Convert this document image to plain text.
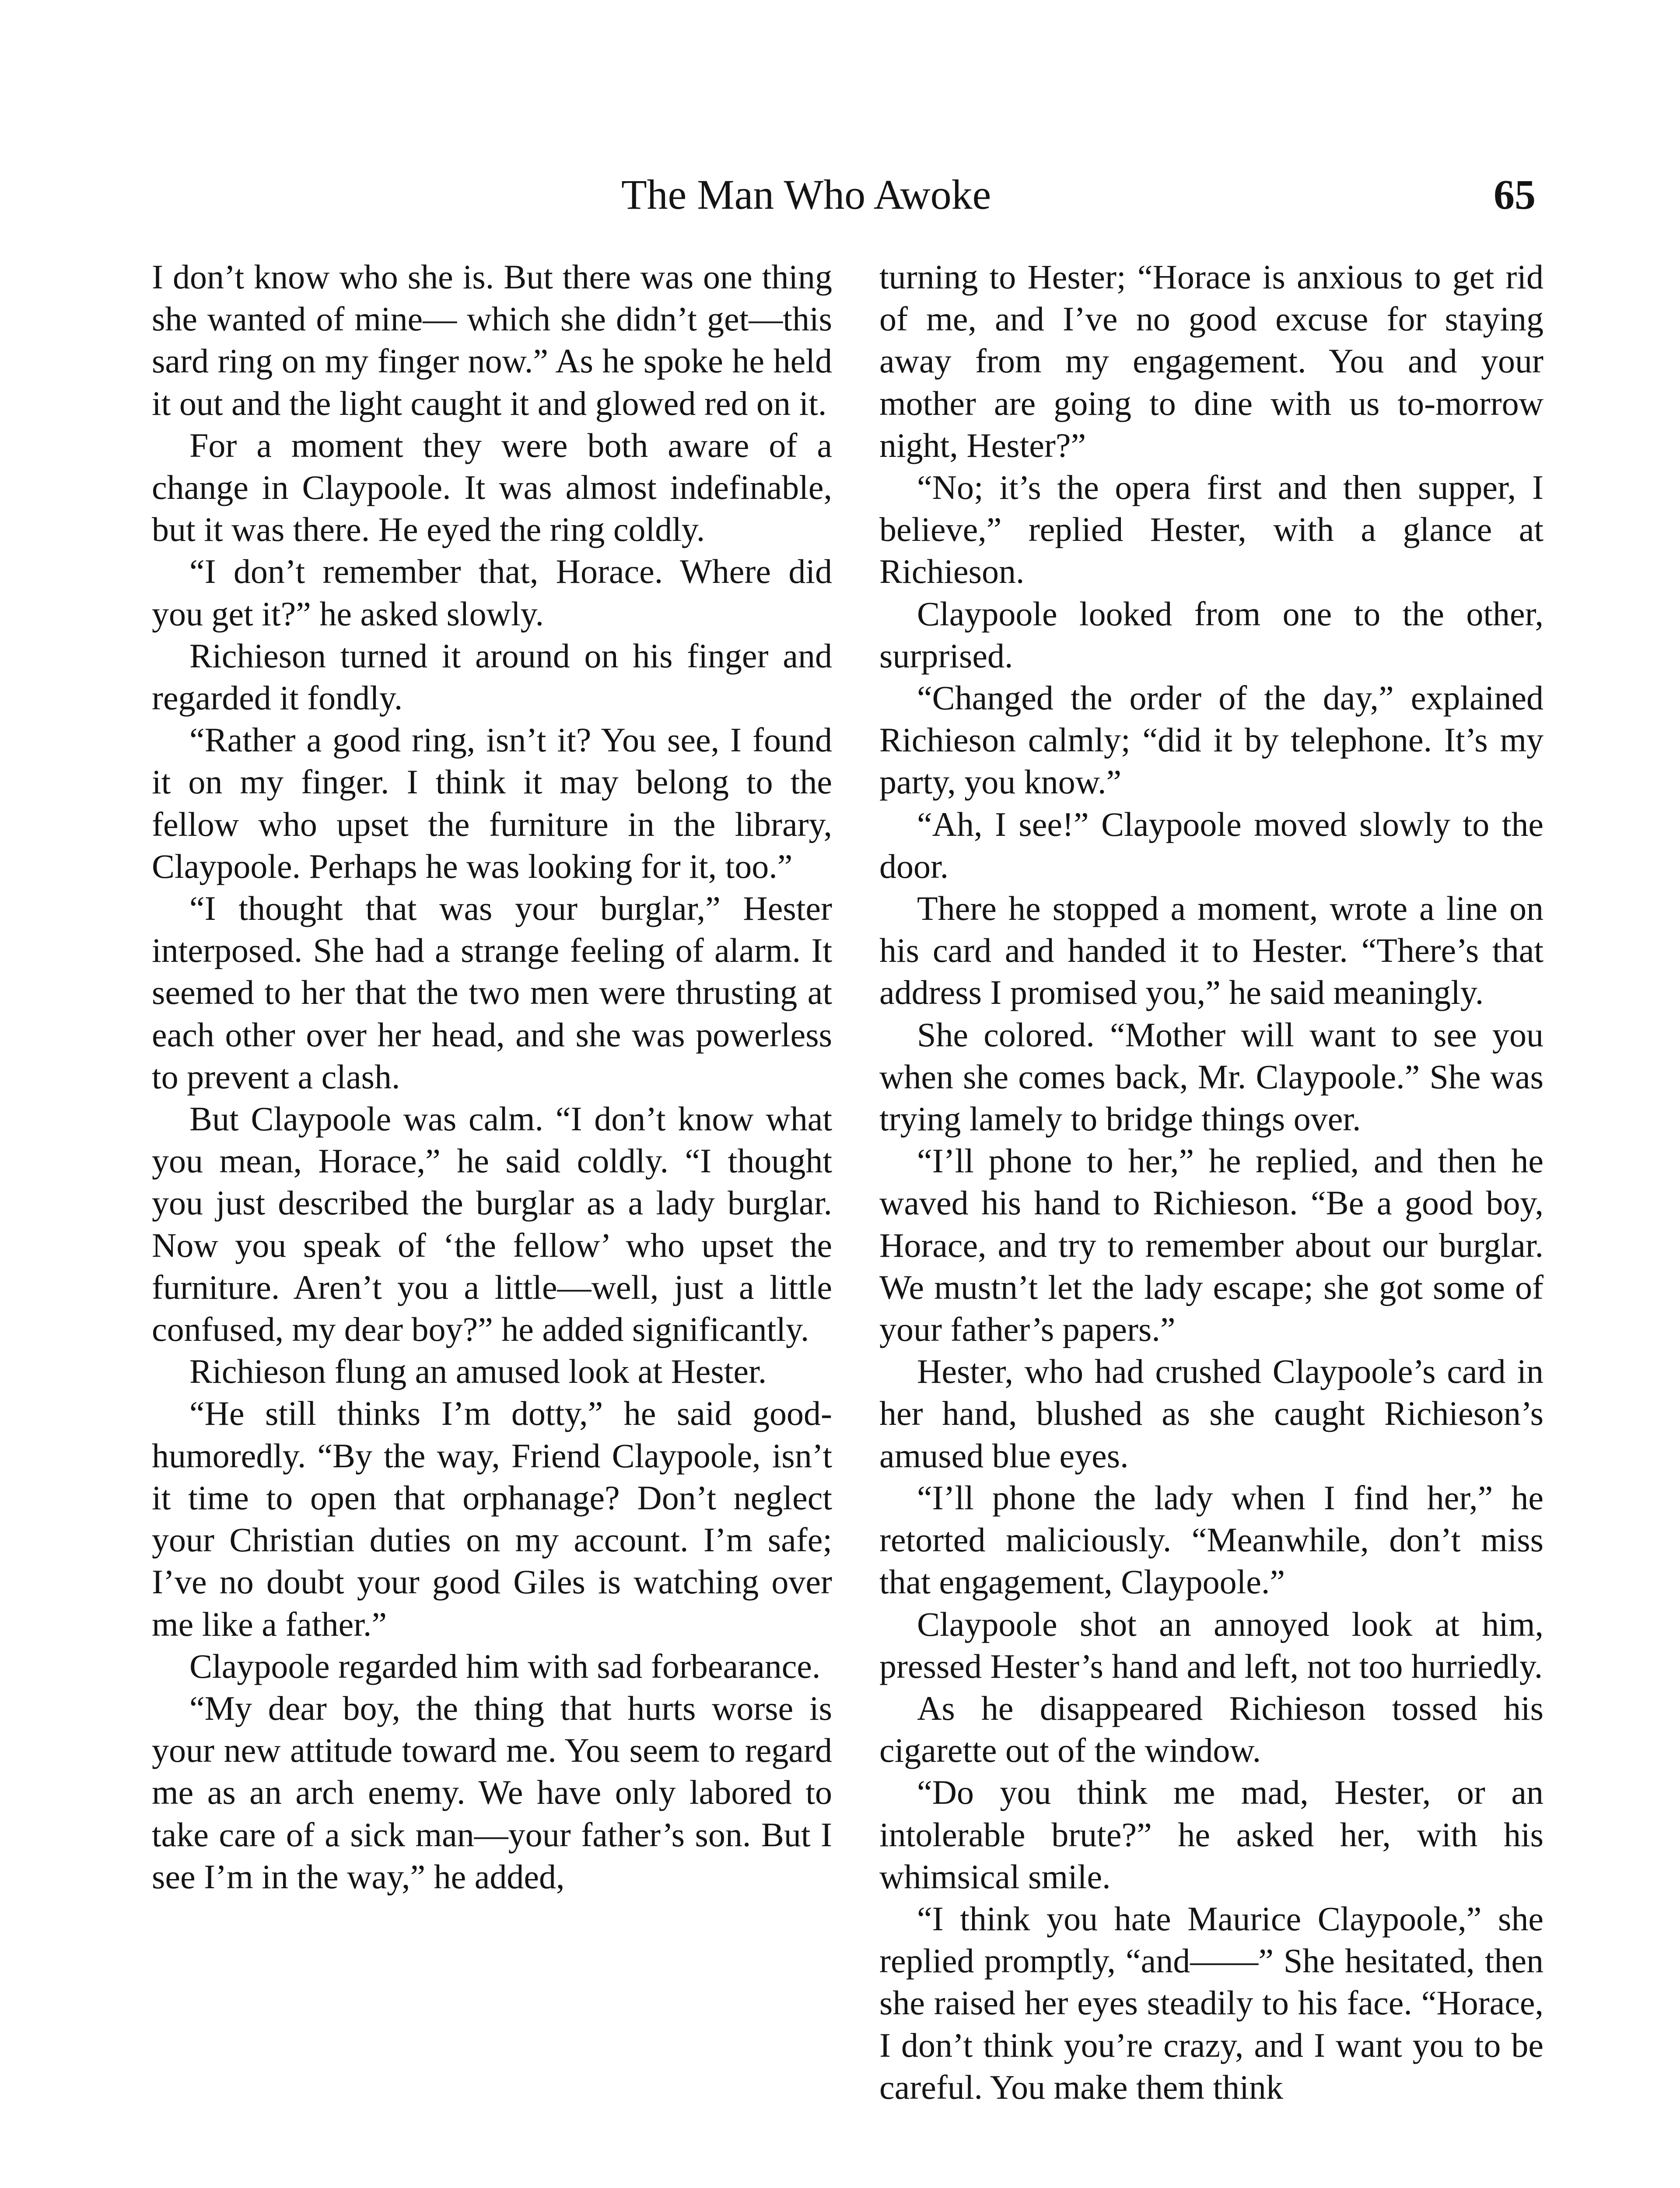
The Man Who Awoke	65

I don’t know who she is. But there was one thing she wanted of mine— which she didn’t get—this sard ring on my finger now.” As he spoke he held it out and the light caught it and glowed red on it.

For a moment they were both aware of a change in Claypoole. It was almost indefinable, but it was there. He eyed the ring coldly.

“I don’t remember that, Horace. Where did you get it?” he asked slowly.

Richieson turned it around on his finger and regarded it fondly.

“Rather a good ring, isn’t it? You see, I found it on my finger. I think it may belong to the fellow who upset the furniture in the library, Claypoole. Perhaps he was looking for it, too.”

“I thought that was your burglar,” Hester interposed. She had a strange feeling of alarm. It seemed to her that the two men were thrusting at each other over her head, and she was powerless to prevent a clash.

But Claypoole was calm. “I don’t know what you mean, Horace,” he said coldly. “I thought you just described the burglar as a lady burglar. Now you speak of ‘the fellow’ who upset the furniture. Aren’t you a little—well, just a little confused, my dear boy?” he added significantly.

Richieson flung an amused look at Hester.

“He still thinks I’m dotty,” he said good-humoredly. “By the way, Friend Claypoole, isn’t it time to open that orphanage? Don’t neglect your Christian duties on my account. I’m safe; I’ve no doubt your good Giles is watching over me like a father.”

Claypoole regarded him with sad forbearance.

“My dear boy, the thing that hurts worse is your new attitude toward me. You seem to regard me as an arch enemy. We have only labored to take care of a sick man—your father’s son. But I see I’m in the way,” he added,

turning to Hester; “Horace is anxious to get rid of me, and I’ve no good excuse for staying away from my engagement. You and your mother are going to dine with us to-morrow night, Hester?”

“No; it’s the opera first and then supper, I believe,” replied Hester, with a glance at Richieson.

Claypoole looked from one to the other, surprised.

“Changed the order of the day,” explained Richieson calmly; “did it by telephone. It’s my party, you know.”

“Ah, I see!” Claypoole moved slowly to the door.

There he stopped a moment, wrote a line on his card and handed it to Hester. “There’s that address I promised you,” he said meaningly.

She colored. “Mother will want to see you when she comes back, Mr. Claypoole.” She was trying lamely to bridge things over.

“I’ll phone to her,” he replied, and then he waved his hand to Richieson. “Be a good boy, Horace, and try to remember about our burglar. We mustn’t let the lady escape; she got some of your father’s papers.”

Hester, who had crushed Claypoole’s card in her hand, blushed as she caught Richieson’s amused blue eyes.

“I’ll phone the lady when I find her,” he retorted maliciously. “Meanwhile, don’t miss that engagement, Claypoole.”

Claypoole shot an annoyed look at him, pressed Hester’s hand and left, not too hurriedly.

As he disappeared Richieson tossed his cigarette out of the window.

“Do you think me mad, Hester, or an intolerable brute?” he asked her, with his whimsical smile.

“I think you hate Maurice Claypoole,” she replied promptly, “and——” She hesitated, then she raised her eyes steadily to his face. “Horace, I don’t think you’re crazy, and I want you to be careful. You make them think
